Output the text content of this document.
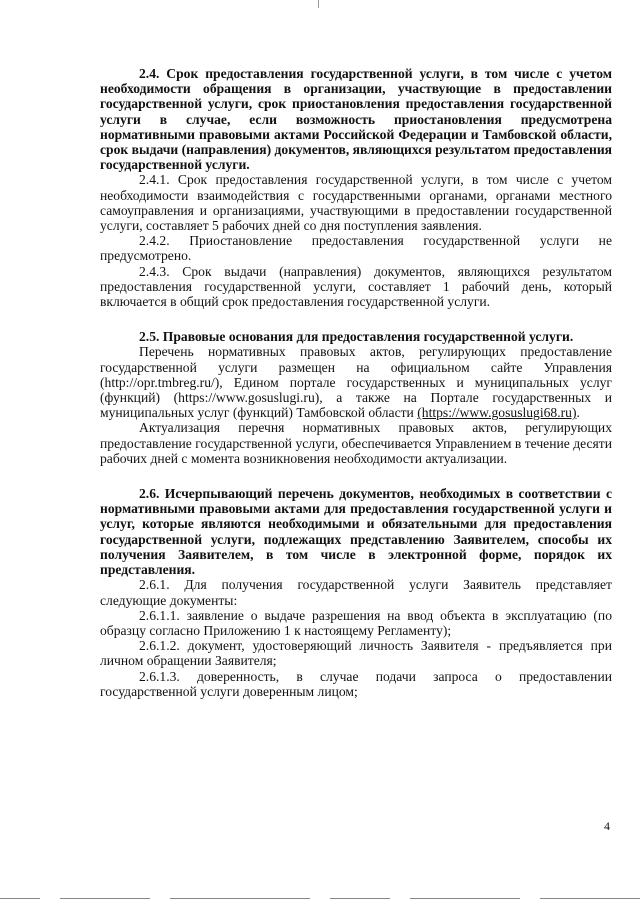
2.4. Срок предоставления государственной услуги, в том числе с учетом необходимости обращения в организации, участвующие в предоставлении государственной услуги, срок приостановления предоставления государственной услуги в случае, если возможность приостановления предусмотрена нормативными правовыми актами Российской Федерации и Тамбовской области, срок выдачи (направления) документов, являющихся результатом предоставления государственной услуги.

2.4.1. Срок предоставления государственной услуги, в том числе с учетом необходимости взаимодействия с государственными органами, органами местного самоуправления и организациями, участвующими в предоставлении государственной услуги, составляет 5 рабочих дней со дня поступления заявления.

2.4.2. Приостановление предоставления государственной услуги не предусмотрено.

2.4.3. Срок выдачи (направления) документов, являющихся результатом предоставления государственной услуги, составляет 1 рабочий день, который включается в общий срок предоставления государственной услуги.

2.5. Правовые основания для предоставления государственной услуги.

Перечень нормативных правовых актов, регулирующих предоставление государственной услуги размещен на официальном сайте Управления (http://opr.tmbreg.ru/), Едином портале государственных и муниципальных услуг (функций) (https://www.gosuslugi.ru), а также на Портале государственных и муниципальных услуг (функций) Тамбовской области (https://www.gosuslugi68.ru).

Актуализация перечня нормативных правовых актов, регулирующих предоставление государственной услуги, обеспечивается Управлением в течение десяти рабочих дней с момента возникновения необходимости актуализации.

2.6. Исчерпывающий перечень документов, необходимых в соответствии с нормативными правовыми актами для предоставления государственной услуги и услуг, которые являются необходимыми и обязательными для предоставления государственной услуги, подлежащих представлению Заявителем, способы их получения Заявителем, в том числе в электронной форме, порядок их представления.

2.6.1. Для получения государственной услуги Заявитель представляет следующие документы:

2.6.1.1. заявление о выдаче разрешения на ввод объекта в эксплуатацию (по образцу согласно Приложению 1 к настоящему Регламенту);

2.6.1.2. документ, удостоверяющий личность Заявителя - предъявляется при личном обращении Заявителя;

2.6.1.3. доверенность, в случае подачи запроса о предоставлении государственной услуги доверенным лицом;

4
